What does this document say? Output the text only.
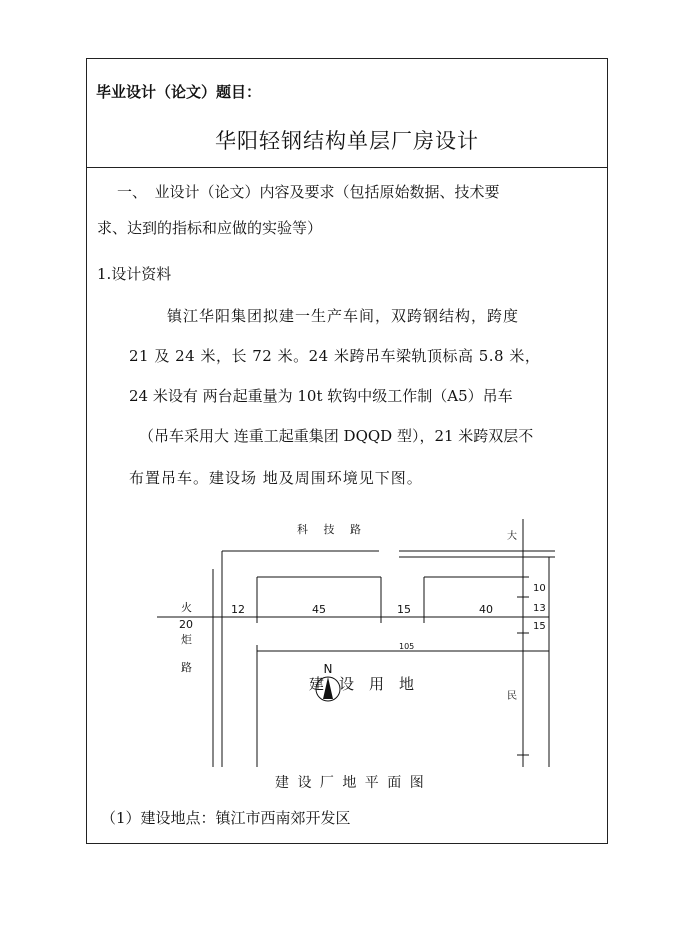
毕业设计（论文）题目：
华阳轻钢结构单层厂房设计
一、　业设计（论文）内容及要求（包括原始数据、技术要
求、达到的指标和应做的实验等）
1.设计资料
镇江华阳集团拟建一生产车间，双跨钢结构，跨度
21 及 24 米，长 72 米。24 米跨吊车梁轨顶标高 5.8 米，
24 米设有 两台起重量为 10t 软钩中级工作制（A5）吊车
（吊车采用大 连重工起重集团 DQQD 型），21 米跨双层不
布置吊车。建设场 地及周围环境见下图。
N
科 技 路
火
炬
路
大
民
20
12	45	15	40
105
10
13
15
建　设　用　地
建 设 厂 地 平 面 图
（1）建设地点：镇江市西南郊开发区
